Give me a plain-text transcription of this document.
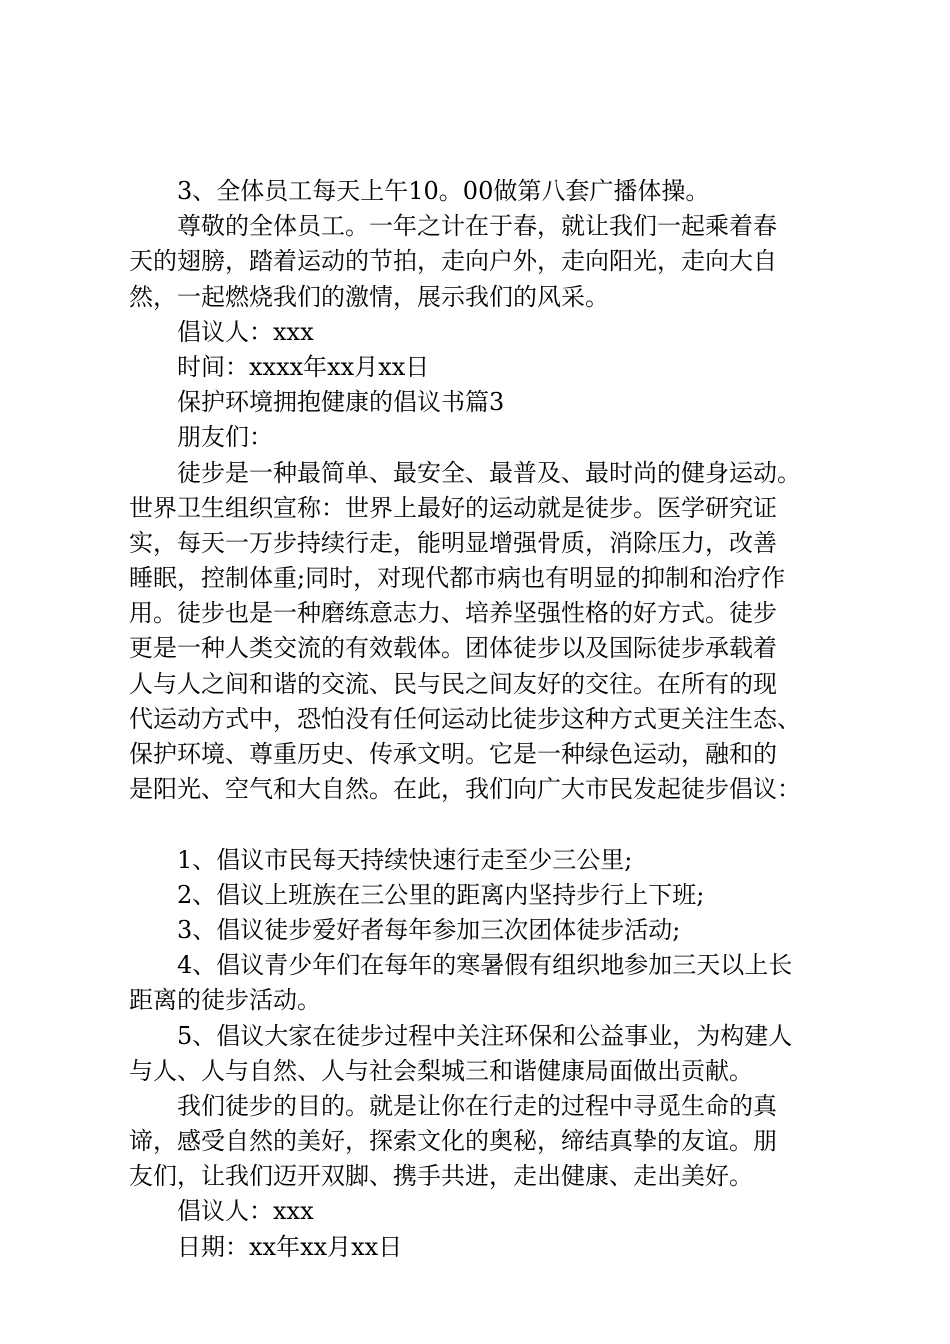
3、全体员工每天上午10。00做第八套广播体操。
尊敬的全体员工。一年之计在于春，就让我们一起乘着春
天的翅膀，踏着运动的节拍，走向户外，走向阳光，走向大自
然，一起燃烧我们的激情，展示我们的风采。
倡议人：xxx
时间：xxxx年xx月xx日
保护环境拥抱健康的倡议书篇3
朋友们：
徒步是一种最简单、最安全、最普及、最时尚的健身运动。
世界卫生组织宣称：世界上最好的运动就是徒步。医学研究证
实，每天一万步持续行走，能明显增强骨质，消除压力，改善
睡眠，控制体重;同时，对现代都市病也有明显的抑制和治疗作
用。徒步也是一种磨练意志力、培养坚强性格的好方式。徒步
更是一种人类交流的有效载体。团体徒步以及国际徒步承载着
人与人之间和谐的交流、民与民之间友好的交往。在所有的现
代运动方式中，恐怕没有任何运动比徒步这种方式更关注生态、
保护环境、尊重历史、传承文明。它是一种绿色运动，融和的
是阳光、空气和大自然。在此，我们向广大市民发起徒步倡议：
1、倡议市民每天持续快速行走至少三公里;
2、倡议上班族在三公里的距离内坚持步行上下班;
3、倡议徒步爱好者每年参加三次团体徒步活动;
4、倡议青少年们在每年的寒暑假有组织地参加三天以上长
距离的徒步活动。
5、倡议大家在徒步过程中关注环保和公益事业，为构建人
与人、人与自然、人与社会梨城三和谐健康局面做出贡献。
我们徒步的目的。就是让你在行走的过程中寻觅生命的真
谛，感受自然的美好，探索文化的奥秘，缔结真挚的友谊。朋
友们，让我们迈开双脚、携手共进，走出健康、走出美好。
倡议人：xxx
日期：xx年xx月xx日
